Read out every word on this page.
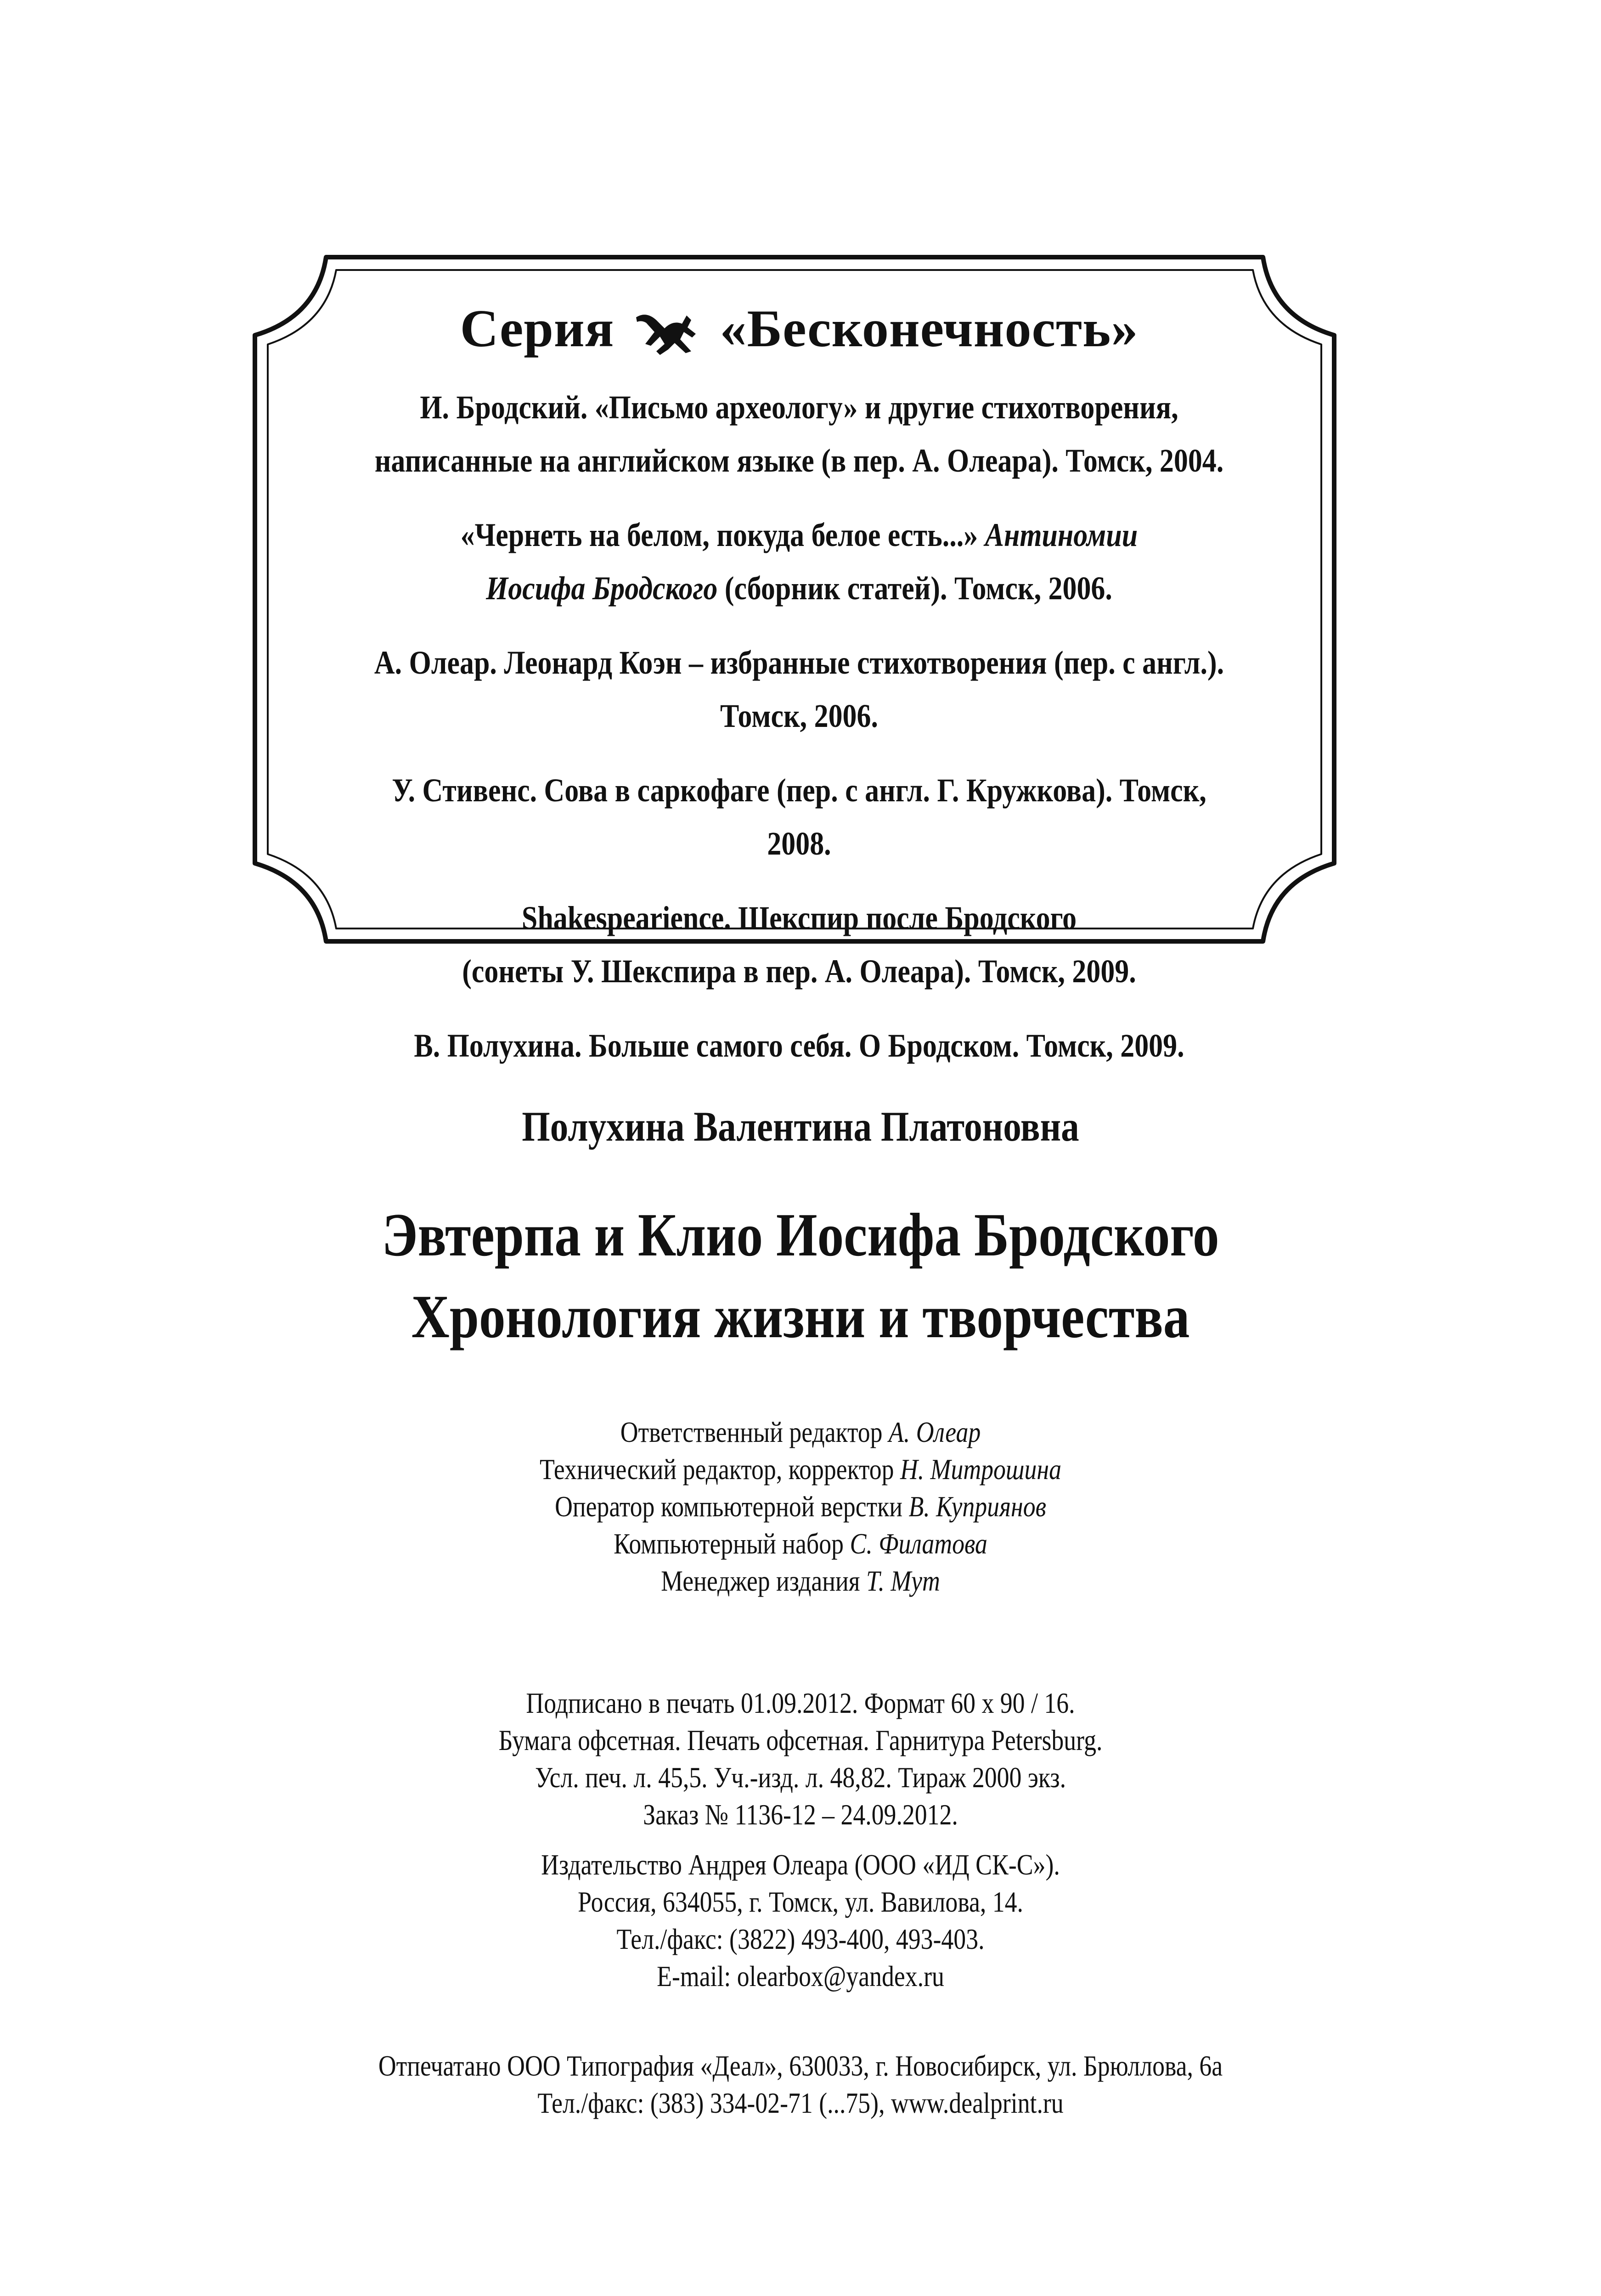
Серия «Бесконечность»
И. Бродский. «Письмо археологу» и другие стихотворения,
написанные на английском языке (в пер. А. Олеара). Томск, 2004.
«Чернеть на белом, покуда белое есть...» Антиномии
Иосифа Бродского (сборник статей). Томск, 2006.
А. Олеар. Леонард Коэн – избранные стихотворения (пер. с англ.). Томск, 2006.
У. Стивенс. Сова в саркофаге (пер. с англ. Г. Кружкова). Томск, 2008.
Shakespearience. Шекспир после Бродского
(сонеты У. Шекспира в пер. А. Олеара). Томск, 2009.
В. Полухина. Больше самого себя. О Бродском. Томск, 2009.
Полухина Валентина Платоновна
Эвтерпа и Клио Иосифа Бродского
Хронология жизни и творчества
Ответственный редактор А. Олеар
Технический редактор, корректор Н. Митрошина
Оператор компьютерной верстки В. Куприянов
Компьютерный набор С. Филатова
Менеджер издания Т. Мут
Подписано в печать 01.09.2012. Формат 60 х 90 / 16.
Бумага офсетная. Печать офсетная. Гарнитура Petersburg.
Усл. печ. л. 45,5. Уч.-изд. л. 48,82. Тираж 2000 экз.
Заказ № 1136-12 – 24.09.2012.
Издательство Андрея Олеара (ООО «ИД СК-С»).
Россия, 634055, г. Томск, ул. Вавилова, 14.
Тел./факс: (3822) 493-400, 493-403.
E-mail: olearbox@yandex.ru
Отпечатано ООО Типография «Деал», 630033, г. Новосибирск, ул. Брюллова, 6а
Тел./факс: (383) 334-02-71 (...75), www.dealprint.ru
